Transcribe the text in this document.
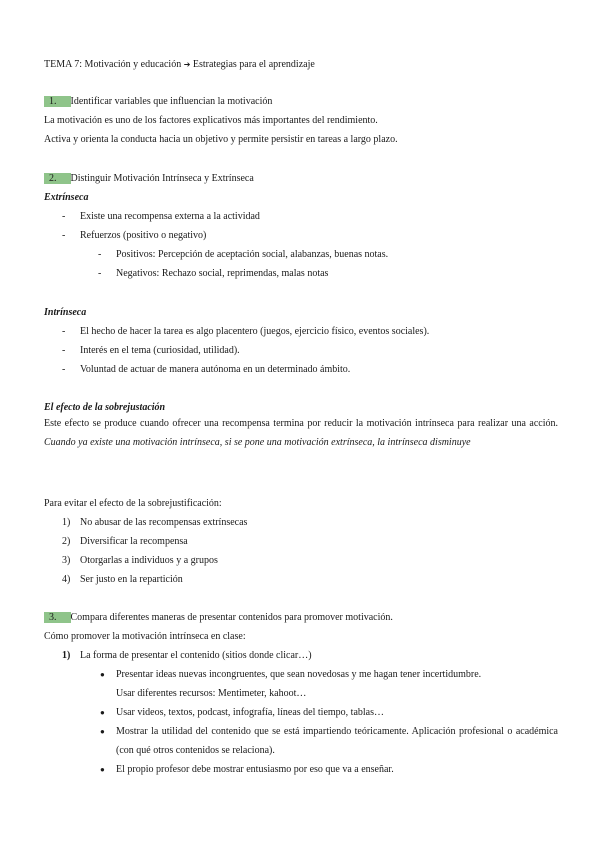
TEMA 7: Motivación y educación ➔ Estrategias para el aprendizaje
1. Identificar variables que influencian la motivación
La motivación es uno de los factores explicativos más importantes del rendimiento.
Activa y orienta la conducta hacia un objetivo y permite persistir en tareas a largo plazo.
2. Distinguir Motivación Intrínseca y Extrínseca
Extrínseca
- Existe una recompensa externa a la actividad
- Refuerzos (positivo o negativo)
- Positivos: Percepción de aceptación social, alabanzas, buenas notas.
- Negativos: Rechazo social, reprimendas, malas notas
Intrínseca
- El hecho de hacer la tarea es algo placentero (juegos, ejercicio físico, eventos sociales).
- Interés en el tema (curiosidad, utilidad).
- Voluntad de actuar de manera autónoma en un determinado ámbito.
El efecto de la sobrejustación
Este efecto se produce cuando ofrecer una recompensa termina por reducir la motivación intrínseca para realizar una acción. Cuando ya existe una motivación intrínseca, si se pone una motivación extrínseca, la intrínseca disminuye
Para evitar el efecto de la sobrejustificación:
1) No abusar de las recompensas extrínsecas
2) Diversificar la recompensa
3) Otorgarlas a individuos y a grupos
4) Ser justo en la repartición
3. Compara diferentes maneras de presentar contenidos para promover motivación.
Cómo promover la motivación intrínseca en clase:
1) La forma de presentar el contenido (sitios donde clicar…)
● Presentar ideas nuevas incongruentes, que sean novedosas y me hagan tener incertidumbre.
Usar diferentes recursos: Mentimeter, kahoot…
● Usar videos, textos, podcast, infografía, líneas del tiempo, tablas…
● Mostrar la utilidad del contenido que se está impartiendo teóricamente. Aplicación profesional o académica (con qué otros contenidos se relaciona).
● El propio profesor debe mostrar entusiasmo por eso que va a enseñar.
